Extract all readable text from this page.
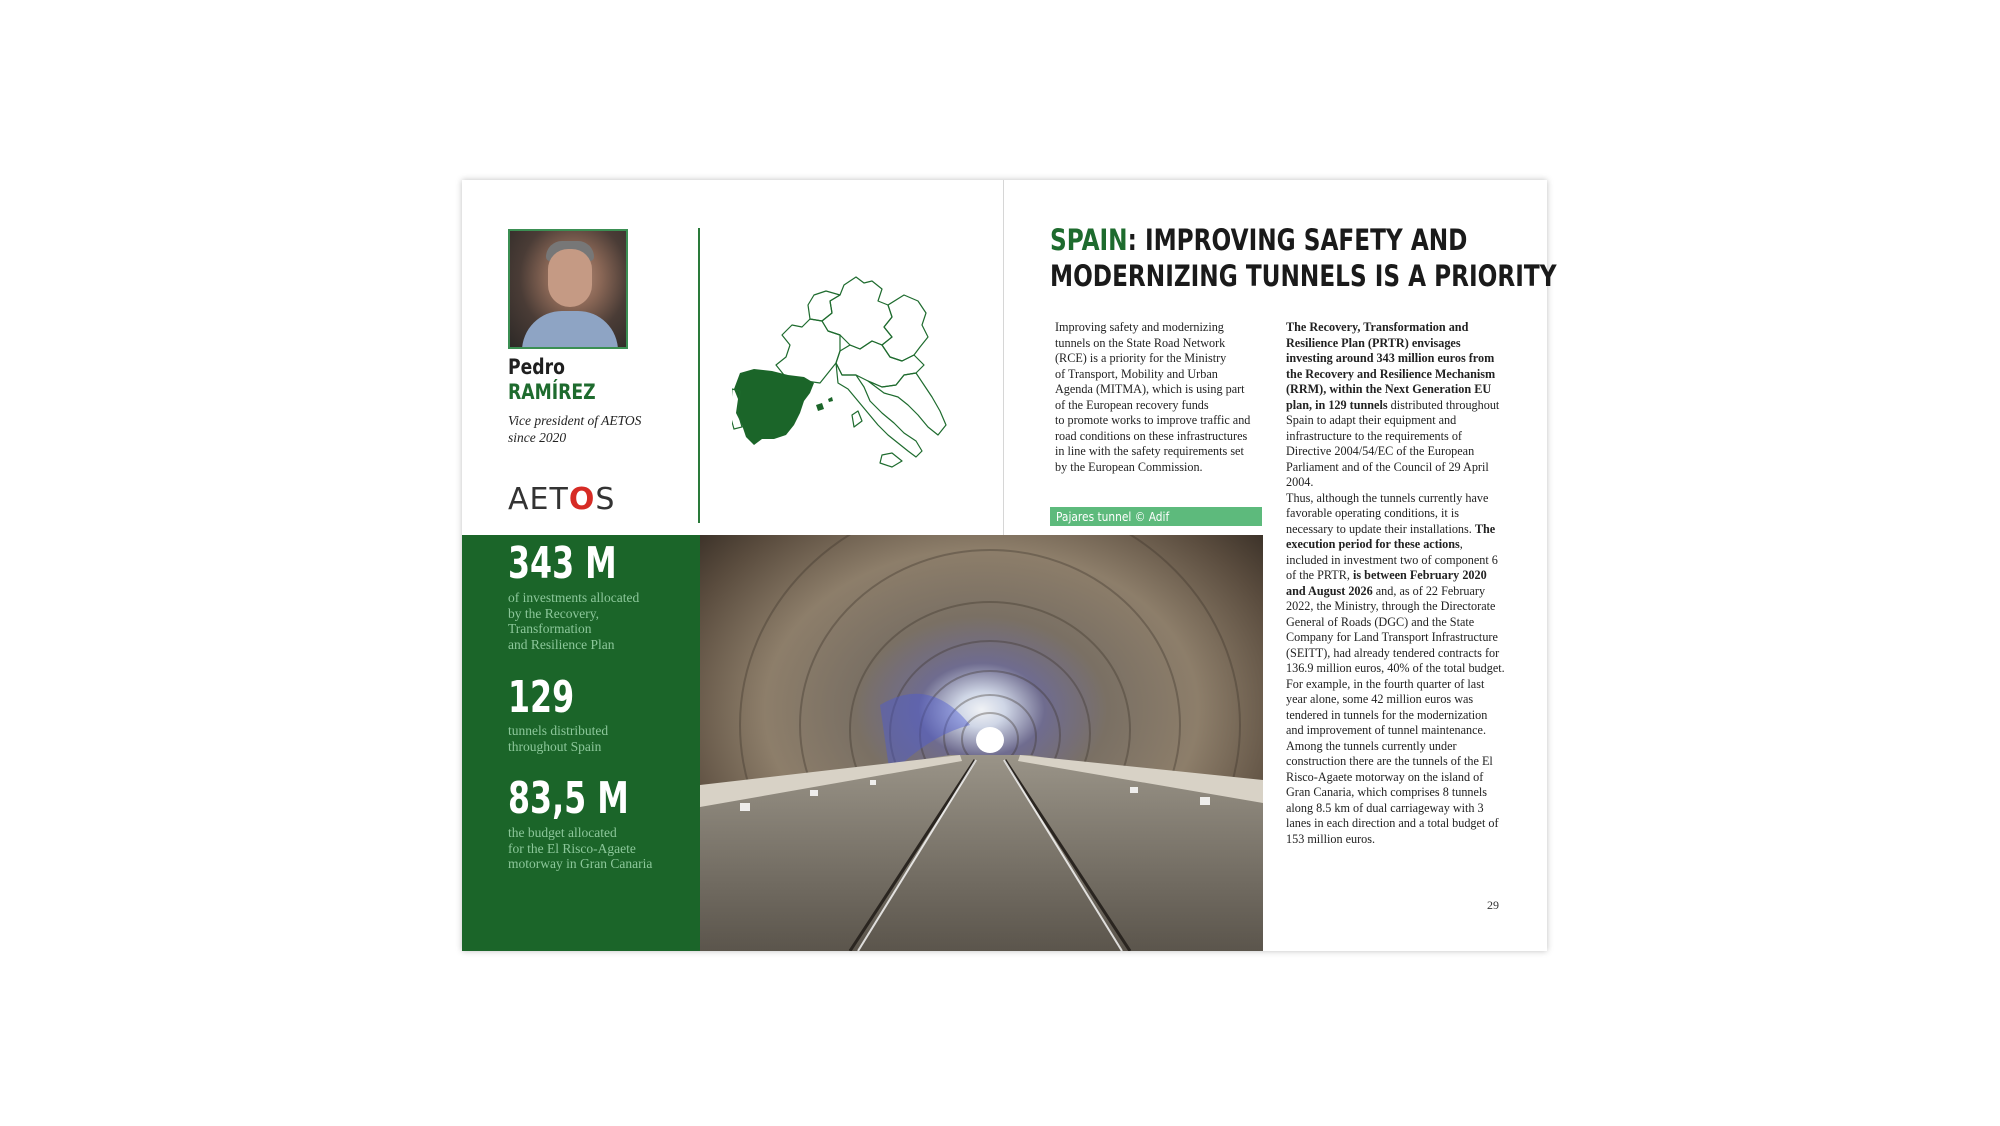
Pedro
RAMÍREZ
Vice president of AETOS
since 2020
AETOS
343 M
of investments allocated
by the Recovery,
Transformation
and Resilience Plan
129
tunnels distributed
throughout Spain
83,5 M
the budget allocated
for the El Risco-Agaete
motorway in Gran Canaria
SPAIN: IMPROVING SAFETY AND
MODERNIZING TUNNELS IS A PRIORITY
Improving safety and modernizing
tunnels on the State Road Network
(RCE) is a priority for the Ministry
of Transport, Mobility and Urban
Agenda (MITMA), which is using part
of the European recovery funds
to promote works to improve traffic and
road conditions on these infrastructures
in line with the safety requirements set
by the European Commission.
The Recovery, Transformation and Resilience Plan (PRTR) envisages investing around 343 million euros from the Recovery and Resilience Mechanism (RRM), within the Next Generation EU plan, in 129 tunnels distributed throughout Spain to adapt their equipment and infrastructure to the requirements of Directive 2004/54/EC of the European Parliament and of the Council of 29 April 2004.
Thus, although the tunnels currently have favorable operating conditions, it is necessary to update their installations. The execution period for these actions, included in investment two of component 6 of the PRTR, is between February 2020 and August 2026 and, as of 22 February 2022, the Ministry, through the Directorate General of Roads (DGC) and the State Company for Land Transport Infrastructure (SEITT), had already tendered contracts for 136.9 million euros, 40% of the total budget.
For example, in the fourth quarter of last year alone, some 42 million euros was tendered in tunnels for the modernization and improvement of tunnel maintenance. Among the tunnels currently under construction there are the tunnels of the El Risco-Agaete motorway on the island of Gran Canaria, which comprises 8 tunnels along 8.5 km of dual carriageway with 3 lanes in each direction and a total budget of 153 million euros.
Pajares tunnel © Adif
29
